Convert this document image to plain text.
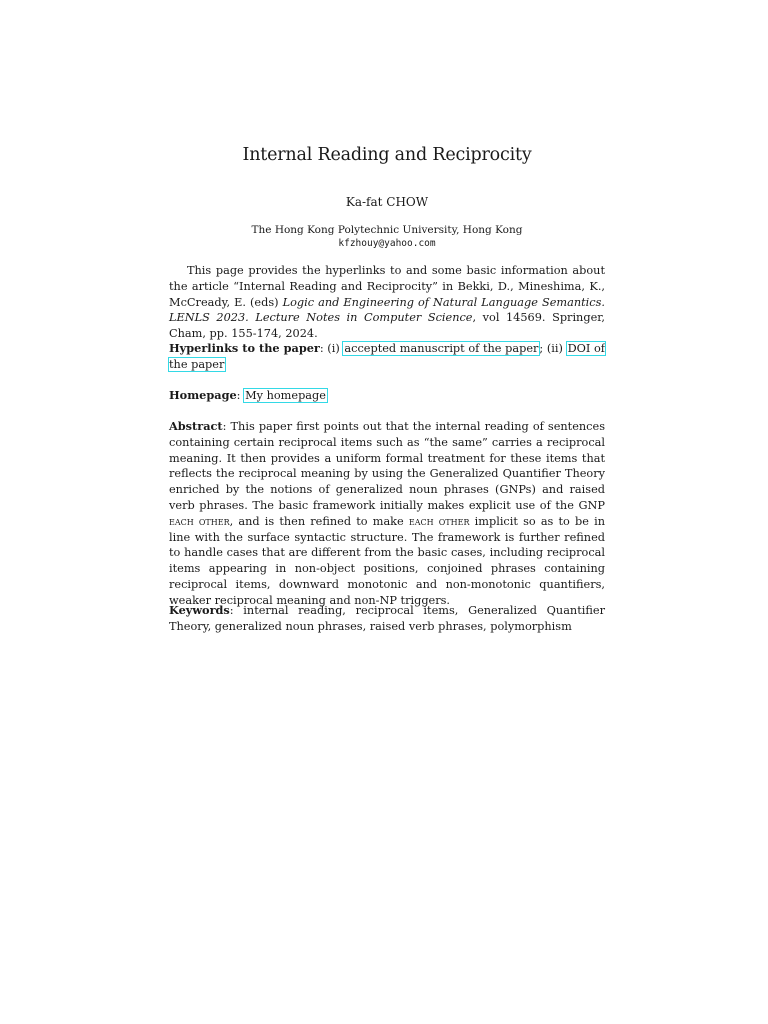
Internal Reading and Reciprocity
Ka-fat CHOW
The Hong Kong Polytechnic University, Hong Kong
kfzhouy@yahoo.com

This page provides the hyperlinks to and some basic information about the article “Internal Reading and Reciprocity” in Bekki, D., Mineshima, K., McCready, E. (eds) Logic and Engineering of Natural Language Semantics. LENLS 2023. Lecture Notes in Computer Science, vol 14569. Springer, Cham, pp. 155-174, 2024.

Hyperlinks to the paper: (i) accepted manuscript of the paper; (ii) DOI of the paper

Homepage: My homepage

Abstract: This paper first points out that the internal reading of sentences containing certain reciprocal items such as “the same” carries a reciprocal meaning. It then provides a uniform formal treatment for these items that reflects the reciprocal meaning by using the Generalized Quantifier Theory enriched by the notions of generalized noun phrases (GNPs) and raised verb phrases. The basic framework initially makes explicit use of the GNP each other, and is then refined to make each other implicit so as to be in line with the surface syntactic structure. The framework is further refined to handle cases that are different from the basic cases, including reciprocal items appearing in non-object positions, conjoined phrases containing reciprocal items, downward monotonic and non-monotonic quantifiers, weaker reciprocal meaning and non-NP triggers.

Keywords: internal reading, reciprocal items, Generalized Quantifier Theory, generalized noun phrases, raised verb phrases, polymorphism
